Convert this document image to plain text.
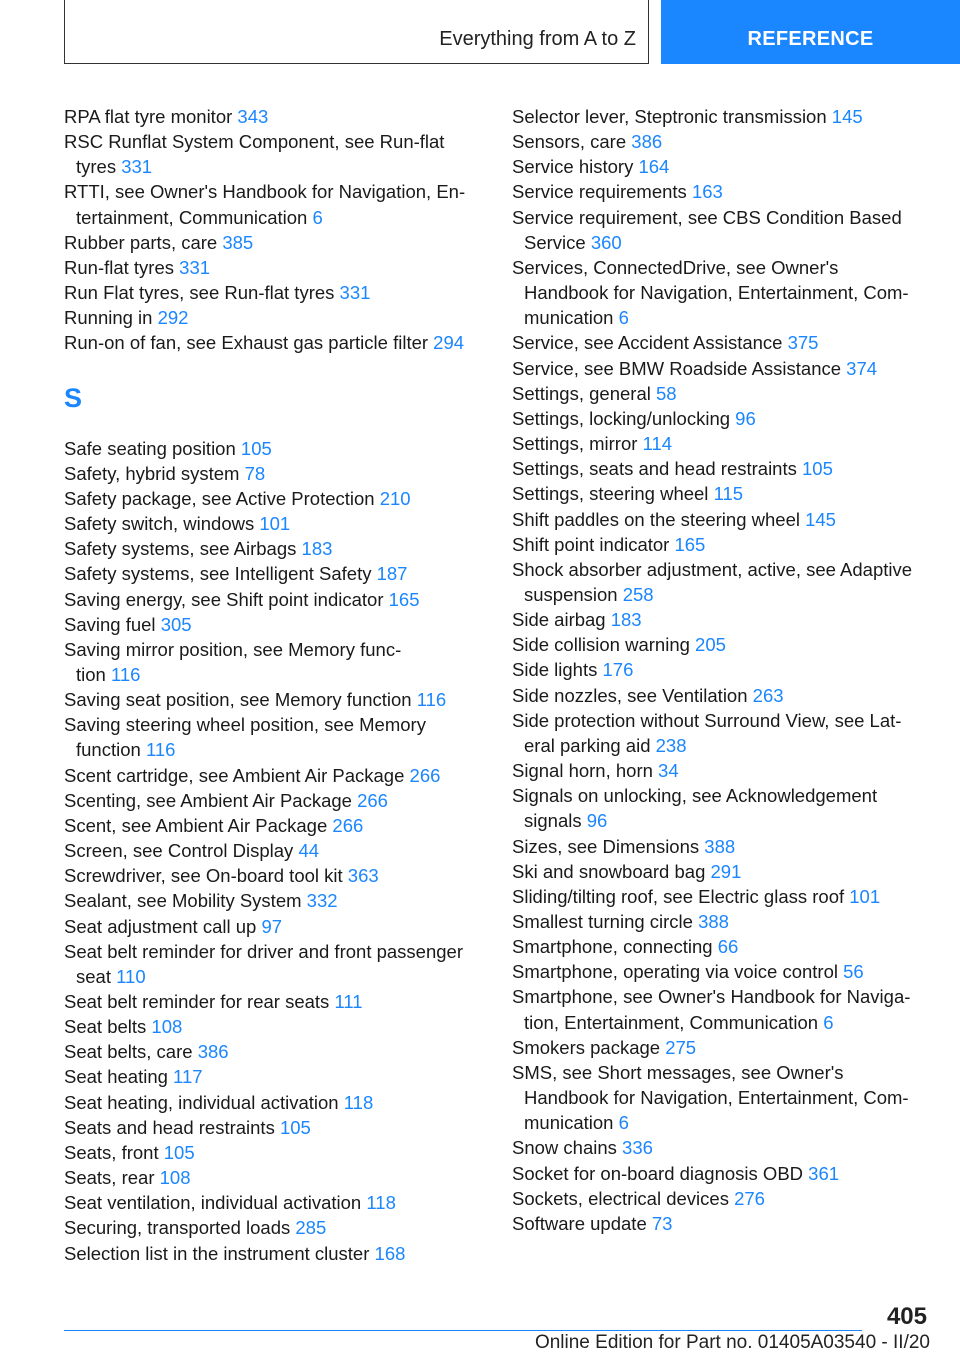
Everything from A to Z	REFERENCE
RPA flat tyre monitor 343
RSC Runflat System Component, see Run-flat
tyres 331
RTTI, see Owner's Handbook for Navigation, En-
tertainment, Communication 6
Rubber parts, care 385
Run-flat tyres 331
Run Flat tyres, see Run-flat tyres 331
Running in 292
Run-on of fan, see Exhaust gas particle filter 294
S
Safe seating position 105
Safety, hybrid system 78
Safety package, see Active Protection 210
Safety switch, windows 101
Safety systems, see Airbags 183
Safety systems, see Intelligent Safety 187
Saving energy, see Shift point indicator 165
Saving fuel 305
Saving mirror position, see Memory func-
tion 116
Saving seat position, see Memory function 116
Saving steering wheel position, see Memory
function 116
Scent cartridge, see Ambient Air Package 266
Scenting, see Ambient Air Package 266
Scent, see Ambient Air Package 266
Screen, see Control Display 44
Screwdriver, see On-board tool kit 363
Sealant, see Mobility System 332
Seat adjustment call up 97
Seat belt reminder for driver and front passenger
seat 110
Seat belt reminder for rear seats 111
Seat belts 108
Seat belts, care 386
Seat heating 117
Seat heating, individual activation 118
Seats and head restraints 105
Seats, front 105
Seats, rear 108
Seat ventilation, individual activation 118
Securing, transported loads 285
Selection list in the instrument cluster 168
Selector lever, Steptronic transmission 145
Sensors, care 386
Service history 164
Service requirements 163
Service requirement, see CBS Condition Based
Service 360
Services, ConnectedDrive, see Owner's
Handbook for Navigation, Entertainment, Com-
munication 6
Service, see Accident Assistance 375
Service, see BMW Roadside Assistance 374
Settings, general 58
Settings, locking/unlocking 96
Settings, mirror 114
Settings, seats and head restraints 105
Settings, steering wheel 115
Shift paddles on the steering wheel 145
Shift point indicator 165
Shock absorber adjustment, active, see Adaptive
suspension 258
Side airbag 183
Side collision warning 205
Side lights 176
Side nozzles, see Ventilation 263
Side protection without Surround View, see Lat-
eral parking aid 238
Signal horn, horn 34
Signals on unlocking, see Acknowledgement
signals 96
Sizes, see Dimensions 388
Ski and snowboard bag 291
Sliding/tilting roof, see Electric glass roof 101
Smallest turning circle 388
Smartphone, connecting 66
Smartphone, operating via voice control 56
Smartphone, see Owner's Handbook for Naviga-
tion, Entertainment, Communication 6
Smokers package 275
SMS, see Short messages, see Owner's
Handbook for Navigation, Entertainment, Com-
munication 6
Snow chains 336
Socket for on-board diagnosis OBD 361
Sockets, electrical devices 276
Software update 73
405
Online Edition for Part no. 01405A03540 - II/20
